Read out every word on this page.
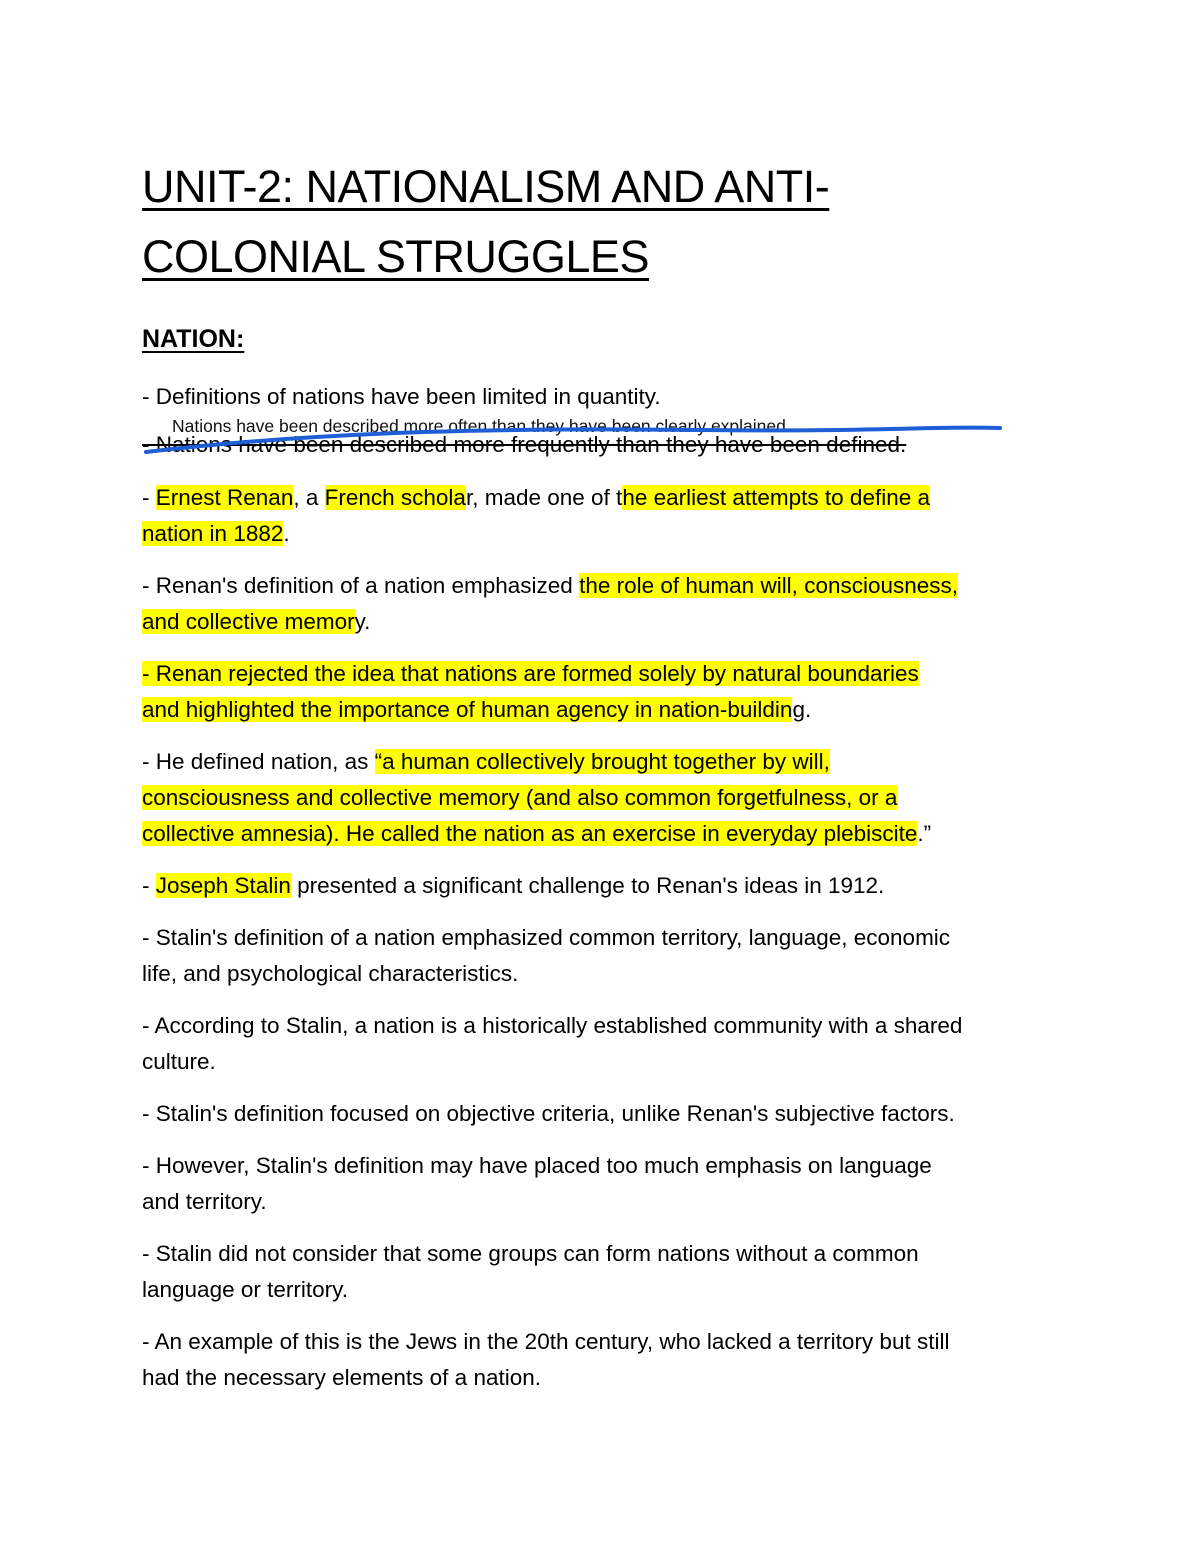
UNIT-2: NATIONALISM AND ANTI-
COLONIAL STRUGGLES
NATION:
Nations have been described more often than they have been clearly explained.
- Nations have been described more frequently than they have been defined.
- Definitions of nations have been limited in quantity.
- Ernest Renan, a French scholar, made one of the earliest attempts to define a
nation in 1882.
- Renan's definition of a nation emphasized the role of human will, consciousness,
and collective memory.
- Renan rejected the idea that nations are formed solely by natural boundaries
and highlighted the importance of human agency in nation-building.
- He defined nation, as “a human collectively brought together by will,
consciousness and collective memory (and also common forgetfulness, or a
collective amnesia). He called the nation as an exercise in everyday plebiscite.”
- Joseph Stalin presented a significant challenge to Renan's ideas in 1912.
- Stalin's definition of a nation emphasized common territory, language, economic
life, and psychological characteristics.
- According to Stalin, a nation is a historically established community with a shared
culture.
- Stalin's definition focused on objective criteria, unlike Renan's subjective factors.
- However, Stalin's definition may have placed too much emphasis on language
and territory.
- Stalin did not consider that some groups can form nations without a common
language or territory.
- An example of this is the Jews in the 20th century, who lacked a territory but still
had the necessary elements of a nation.
